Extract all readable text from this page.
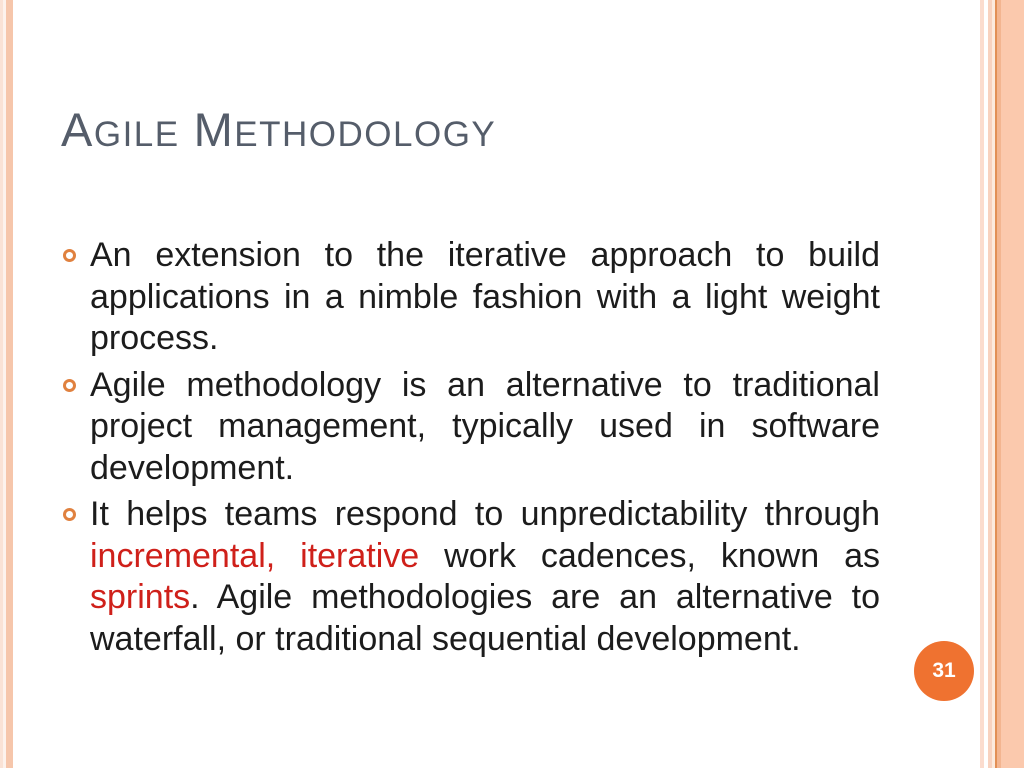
AGILE METHODOLOGY
An extension to the iterative approach to build
applications in a nimble fashion with a light weight
process.
Agile methodology is an alternative to traditional
project management, typically used in software
development.
It helps teams respond to unpredictability through
incremental, iterative work cadences, known as
sprints. Agile methodologies are an alternative to
waterfall, or traditional sequential development.
31
